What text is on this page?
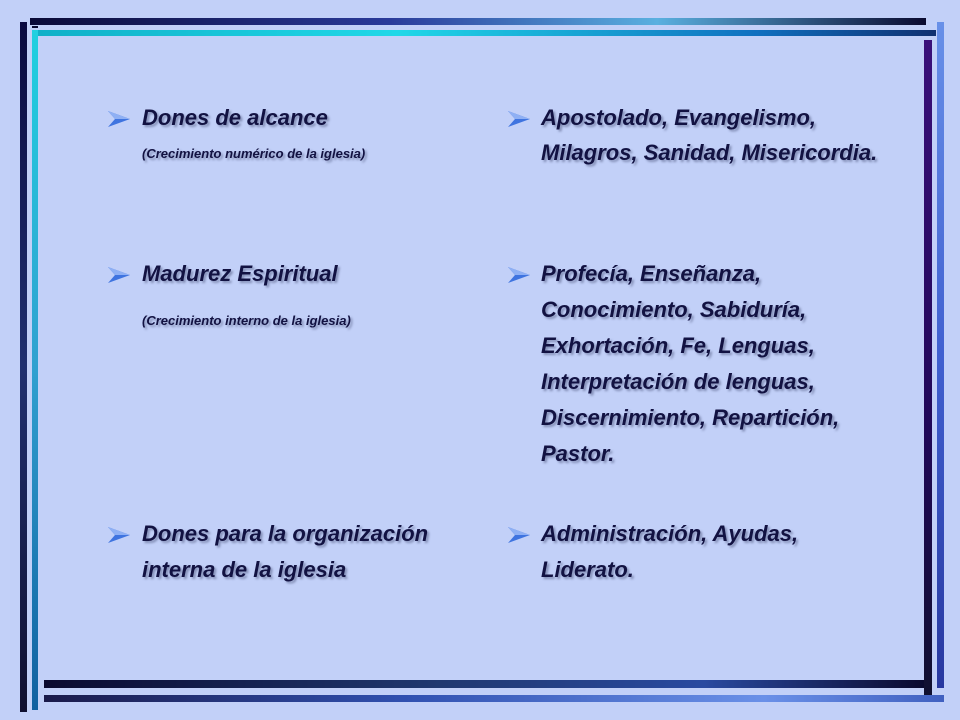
Dones de alcance
(Crecimiento numérico de la iglesia)
Apostolado, Evangelismo,
Milagros, Sanidad, Misericordia.
Madurez Espiritual
(Crecimiento interno de la iglesia)
Profecía, Enseñanza,
Conocimiento, Sabiduría,
Exhortación, Fe, Lenguas,
Interpretación de lenguas,
Discernimiento, Repartición,
Pastor.
Dones para la organización
interna de la iglesia
Administración, Ayudas,
Liderato.
